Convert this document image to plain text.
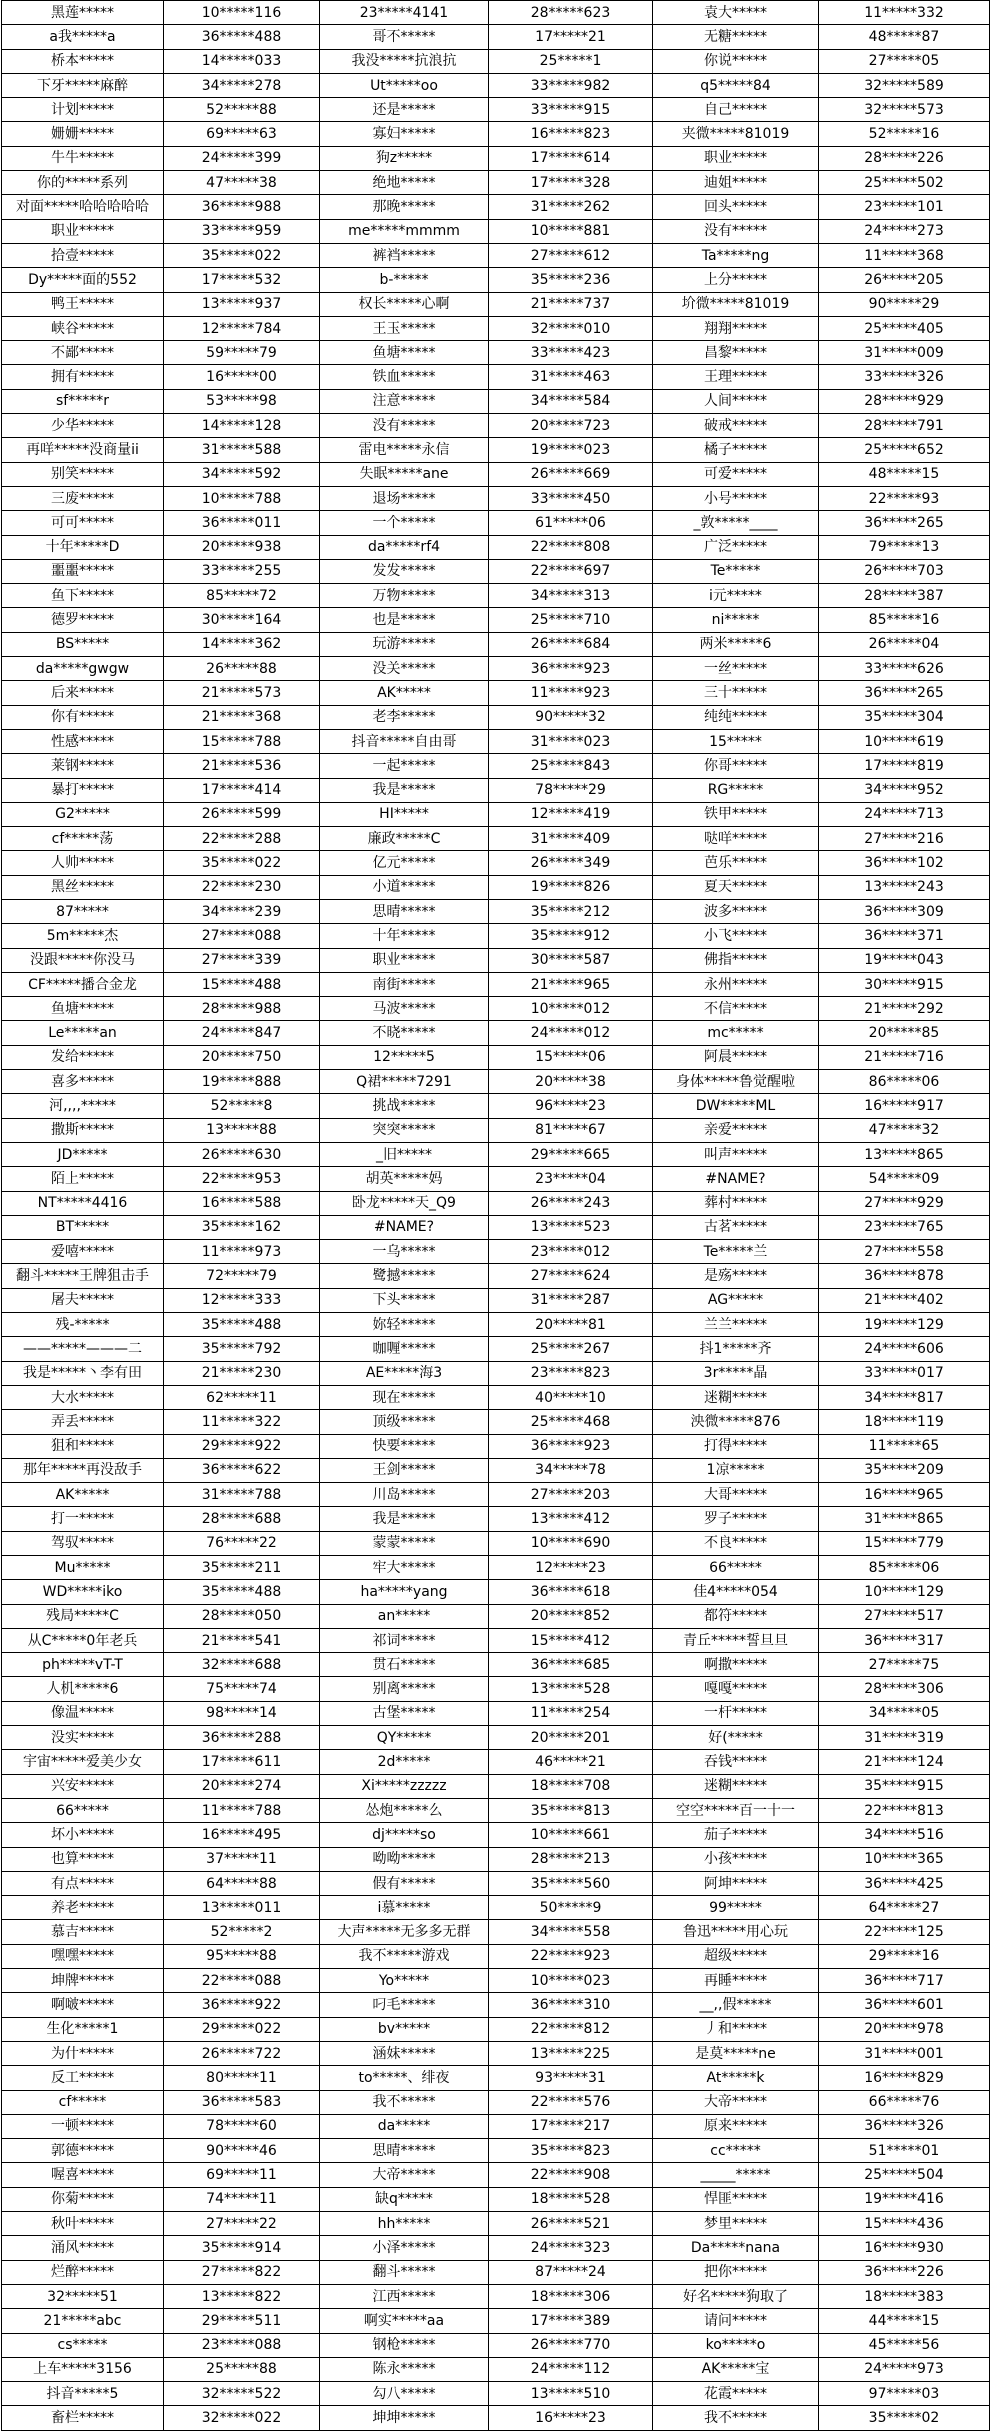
黑莲*****	10*****116	23*****4141	28*****623	袁大*****	11*****332
a我*****a	36*****488	哥不*****	17*****21	无糖*****	48*****87
桥本*****	14*****033	我没*****抗浪抗	25*****1	你说*****	27*****05
下牙*****麻醉	34*****278	Ut*****oo	33*****982	q5*****84	32*****589
计划*****	52*****88	还是*****	33*****915	自己*****	32*****573
姗姗*****	69*****63	寡妇*****	16*****823	夹微*****81019	52*****16
牛牛*****	24*****399	狗z*****	17*****614	职业*****	28*****226
你的*****系列	47*****38	绝地*****	17*****328	迪姐*****	25*****502
对面*****哈哈哈哈哈	36*****988	那晚*****	31*****262	回头*****	23*****101
职业*****	33*****959	me*****mmmm	10*****881	没有*****	24*****273
拾壹*****	35*****022	裤裆*****	27*****612	Ta*****ng	11*****368
Dy*****面的552	17*****532	b-*****	35*****236	上分*****	26*****205
鸭王*****	13*****937	权长*****心啊	21*****737	圿微*****81019	90*****29
峡谷*****	12*****784	王玉*****	32*****010	翔翔*****	25*****405
不鄙*****	59*****79	鱼塘*****	33*****423	昌黎*****	31*****009
拥有*****	16*****00	铁血*****	31*****463	王理*****	33*****326
sf*****r	53*****98	注意*****	34*****584	人间*****	28*****929
少华*****	14*****128	没有*****	20*****723	破戒*****	28*****791
再咩*****没商量ii	31*****588	雷电*****永信	19*****023	橘子*****	25*****652
别笑*****	34*****592	失眠*****ane	26*****669	可爱*****	48*****15
三废*****	10*****788	退场*****	33*****450	小号*****	22*****93
可可*****	36*****011	一个*****	61*****06	_敦*****____	36*****265
十年*****D	20*****938	da*****rf4	22*****808	广泛*****	79*****13
噩噩*****	33*****255	发发*****	22*****697	Te*****	26*****703
鱼下*****	85*****72	万物*****	34*****313	i元*****	28*****387
德罗*****	30*****164	也是*****	25*****710	ni*****	85*****16
BS*****	14*****362	玩游*****	26*****684	两米*****6	26*****04
da*****gwgw	26*****88	没关*****	36*****923	一丝*****	33*****626
后来*****	21*****573	AK*****	11*****923	三十*****	36*****265
你有*****	21*****368	老李*****	90*****32	纯纯*****	35*****304
性感*****	15*****788	抖音*****自由哥	31*****023	15*****	10*****619
莱钢*****	21*****536	一起*****	25*****843	你哥*****	17*****819
暴打*****	17*****414	我是*****	78*****29	RG*****	34*****952
G2*****	26*****599	HI*****	12*****419	铁甲*****	24*****713
cf*****荡	22*****288	廉政*****C	31*****409	哒咩*****	27*****216
人帅*****	35*****022	亿元*****	26*****349	芭乐*****	36*****102
黑丝*****	22*****230	小道*****	19*****826	夏天*****	13*****243
87*****	34*****239	思晴*****	35*****212	波多*****	36*****309
5m*****杰	27*****088	十年*****	35*****912	小飞*****	36*****371
没跟*****你没马	27*****339	职业*****	30*****587	佛指*****	19*****043
CF*****播合金龙	15*****488	南街*****	21*****965	永州*****	30*****915
鱼塘*****	28*****988	马波*****	10*****012	不信*****	21*****292
Le*****an	24*****847	不晓*****	24*****012	mc*****	20*****85
发给*****	20*****750	12*****5	15*****06	阿晨*****	21*****716
喜多*****	19*****888	Q裙*****7291	20*****38	身体*****鲁觉醒啦	86*****06
河,,,,*****	52*****8	挑战*****	96*****23	DW*****ML	16*****917
撒斯*****	13*****88	突突*****	81*****67	亲爱*****	47*****32
JD*****	26*****630	_旧*****	29*****665	叫声*****	13*****865
陌上*****	22*****953	胡英*****妈	23*****04	#NAME?	54*****09
NT*****4416	16*****588	卧龙*****天_Q9	26*****243	葬村*****	27*****929
BT*****	35*****162	#NAME?	13*****523	古茗*****	23*****765
爱嘻*****	11*****973	一乌*****	23*****012	Te*****兰	27*****558
翻斗*****王牌狙击手	72*****79	鹭撼*****	27*****624	是殇*****	36*****878
屠夫*****	12*****333	下头*****	31*****287	AG*****	21*****402
残-*****	35*****488	妳轻*****	20*****81	兰兰*****	19*****129
——*****———二	35*****792	咖喱*****	25*****267	抖1*****齐	24*****606
我是*****丶李有田	21*****230	AE*****海3	23*****823	3r*****晶	33*****017
大水*****	62*****11	现在*****	40*****10	迷糊*****	34*****817
弄丢*****	11*****322	顶级*****	25*****468	泱微*****876	18*****119
狙和*****	29*****922	快要*****	36*****923	打得*****	11*****65
那年*****再没敌手	36*****622	王剑*****	34*****78	1凉*****	35*****209
AK*****	31*****788	川岛*****	27*****203	大哥*****	16*****965
打一*****	28*****688	我是*****	13*****412	罗子*****	31*****865
驾驭*****	76*****22	蒙蒙*****	10*****690	不良*****	15*****779
Mu*****	35*****211	牢大*****	12*****23	66*****	85*****06
WD*****iko	35*****488	ha*****yang	36*****618	佳4*****054	10*****129
残局*****C	28*****050	an*****	20*****852	都符*****	27*****517
从C*****0年老兵	21*****541	祁词*****	15*****412	青丘*****誓旦旦	36*****317
ph*****vT-T	32*****688	贯石*****	36*****685	啊撒*****	27*****75
人机*****6	75*****74	别离*****	13*****528	嘎嘎*****	28*****306
像温*****	98*****14	古堡*****	11*****254	一杆*****	34*****05
没实*****	36*****288	QY*****	20*****201	好(*****	31*****319
宇宙*****爱美少女	17*****611	2d*****	46*****21	吞钱*****	21*****124
兴安*****	20*****274	Xi*****zzzzz	18*****708	迷糊*****	35*****915
66*****	11*****788	怂炮*****么	35*****813	空空*****百一十一	22*****813
坏小*****	16*****495	dj*****so	10*****661	茄子*****	34*****516
也算*****	37*****11	呦呦*****	28*****213	小孩*****	10*****365
有点*****	64*****88	假有*****	35*****560	阿坤*****	36*****425
养老*****	13*****011	i慕*****	50*****9	99*****	64*****27
慕吉*****	52*****2	大声*****无多多无群	34*****558	鲁迅*****用心玩	22*****125
嘿嘿*****	95*****88	我不*****游戏	22*****923	超级*****	29*****16
坤牌*****	22*****088	Yo*****	10*****023	再睡*****	36*****717
啊啵*****	36*****922	叼毛*****	36*****310	__,,假*****	36*****601
生化*****1	29*****022	bv*****	22*****812	丿和*****	20*****978
为什*****	26*****722	涵妹*****	13*****225	是莫*****ne	31*****001
反工*****	80*****11	to*****、绯夜	93*****31	At*****k	16*****829
cf*****	36*****583	我不*****	22*****576	大帝*****	66*****76
一顿*****	78*****60	da*****	17*****217	原来*****	36*****326
郭德*****	90*****46	思晴*****	35*****823	cc*****	51*****01
喔喜*****	69*****11	大帝*****	22*****908	_____*****	25*****504
你菊*****	74*****11	缺q*****	18*****528	悍匪*****	19*****416
秋叶*****	27*****22	hh*****	26*****521	梦里*****	15*****436
涌风*****	35*****914	小泽*****	24*****323	Da*****nana	16*****930
烂醉*****	27*****822	翻斗*****	87*****24	把你*****	36*****226
32*****51	13*****822	江西*****	18*****306	好名*****狗取了	18*****383
21*****abc	29*****511	啊实*****aa	17*****389	请问*****	44*****15
cs*****	23*****088	钢枪*****	26*****770	ko*****o	45*****56
上车*****3156	25*****88	陈永*****	24*****112	AK*****宝	24*****973
抖音*****5	32*****522	勾八*****	13*****510	花霞*****	97*****03
畜栏*****	32*****022	坤坤*****	16*****23	我不*****	35*****02
